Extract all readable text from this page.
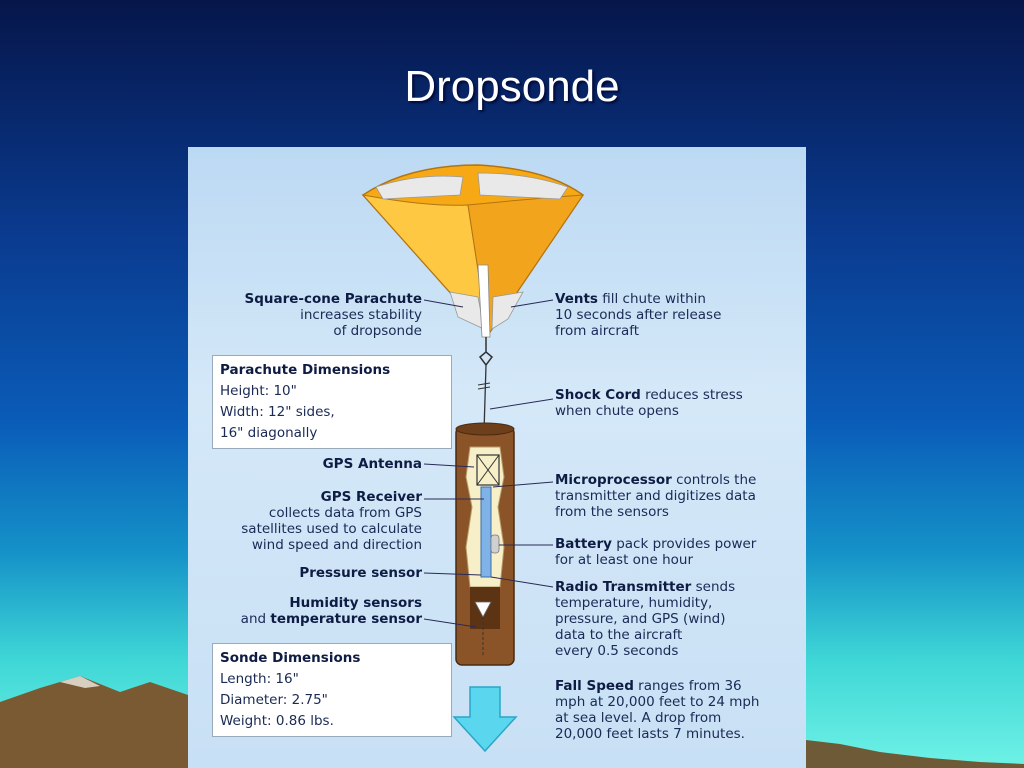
Dropsonde
Square-cone Parachute
increases stability
of dropsonde
Parachute Dimensions
Height: 10"
Width: 12" sides,
16" diagonally
GPS Antenna
GPS Receiver
collects data from GPS
satellites used to calculate
wind speed and direction
Pressure sensor
Humidity sensors
and temperature sensor
Sonde Dimensions
Length: 16"
Diameter: 2.75"
Weight: 0.86 lbs.
Vents fill chute within
10 seconds after release
from aircraft
Shock Cord reduces stress
when chute opens
Microprocessor controls the
transmitter and digitizes data
from the sensors
Battery pack provides power
for at least one hour
Radio Transmitter sends
temperature, humidity,
pressure, and GPS (wind)
data to the aircraft
every 0.5 seconds
Fall Speed ranges from 36
mph at 20,000 feet to 24 mph
at sea level. A drop from
20,000 feet lasts 7 minutes.
